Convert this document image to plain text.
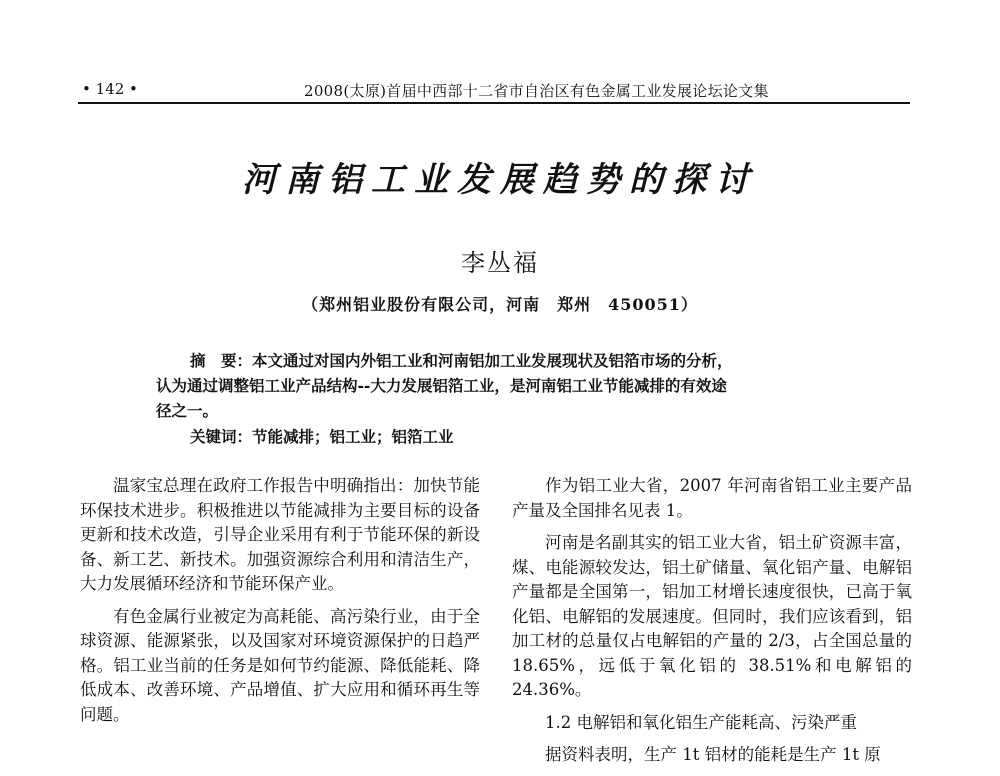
• 142 •	2008(太原)首届中西部十二省市自治区有色金属工业发展论坛论文集
河南铝工业发展趋势的探讨
李丛福
（郑州铝业股份有限公司，河南　郑州　450051）
摘　要：本文通过对国内外铝工业和河南铝加工业发展现状及铝箔市场的分析，
认为通过调整铝工业产品结构--大力发展铝箔工业，是河南铝工业节能减排的有效途
径之一。
关键词：节能减排；铝工业；铝箔工业

温家宝总理在政府工作报告中明确指出：加快节能环保技术进步。积极推进以节能减排为主要目标的设备更新和技术改造，引导企业采用有利于节能环保的新设备、新工艺、新技术。加强资源综合利用和清洁生产，大力发展循环经济和节能环保产业。

有色金属行业被定为高耗能、高污染行业，由于全球资源、能源紧张，以及国家对环境资源保护的日趋严格。铝工业当前的任务是如何节约能源、降低能耗、降低成本、改善环境、产品增值、扩大应用和循环再生等问题。

作为铝工业大省，2007 年河南省铝工业主要产品产量及全国排名见表 1。

河南是名副其实的铝工业大省，铝土矿资源丰富，煤、电能源较发达，铝土矿储量、氧化铝产量、电解铝产量都是全国第一，铝加工材增长速度很快，已高于氧化铝、电解铝的发展速度。但同时，我们应该看到，铝加工材的总量仅占电解铝的产量的 2/3，占全国总量的 18.65%，远低于氧化铝的 38.51%和电解铝的 24.36%。

1.2 电解铝和氧化铝生产能耗高、污染严重

据资料表明，生产 1t 铝材的能耗是生产 1t 原
